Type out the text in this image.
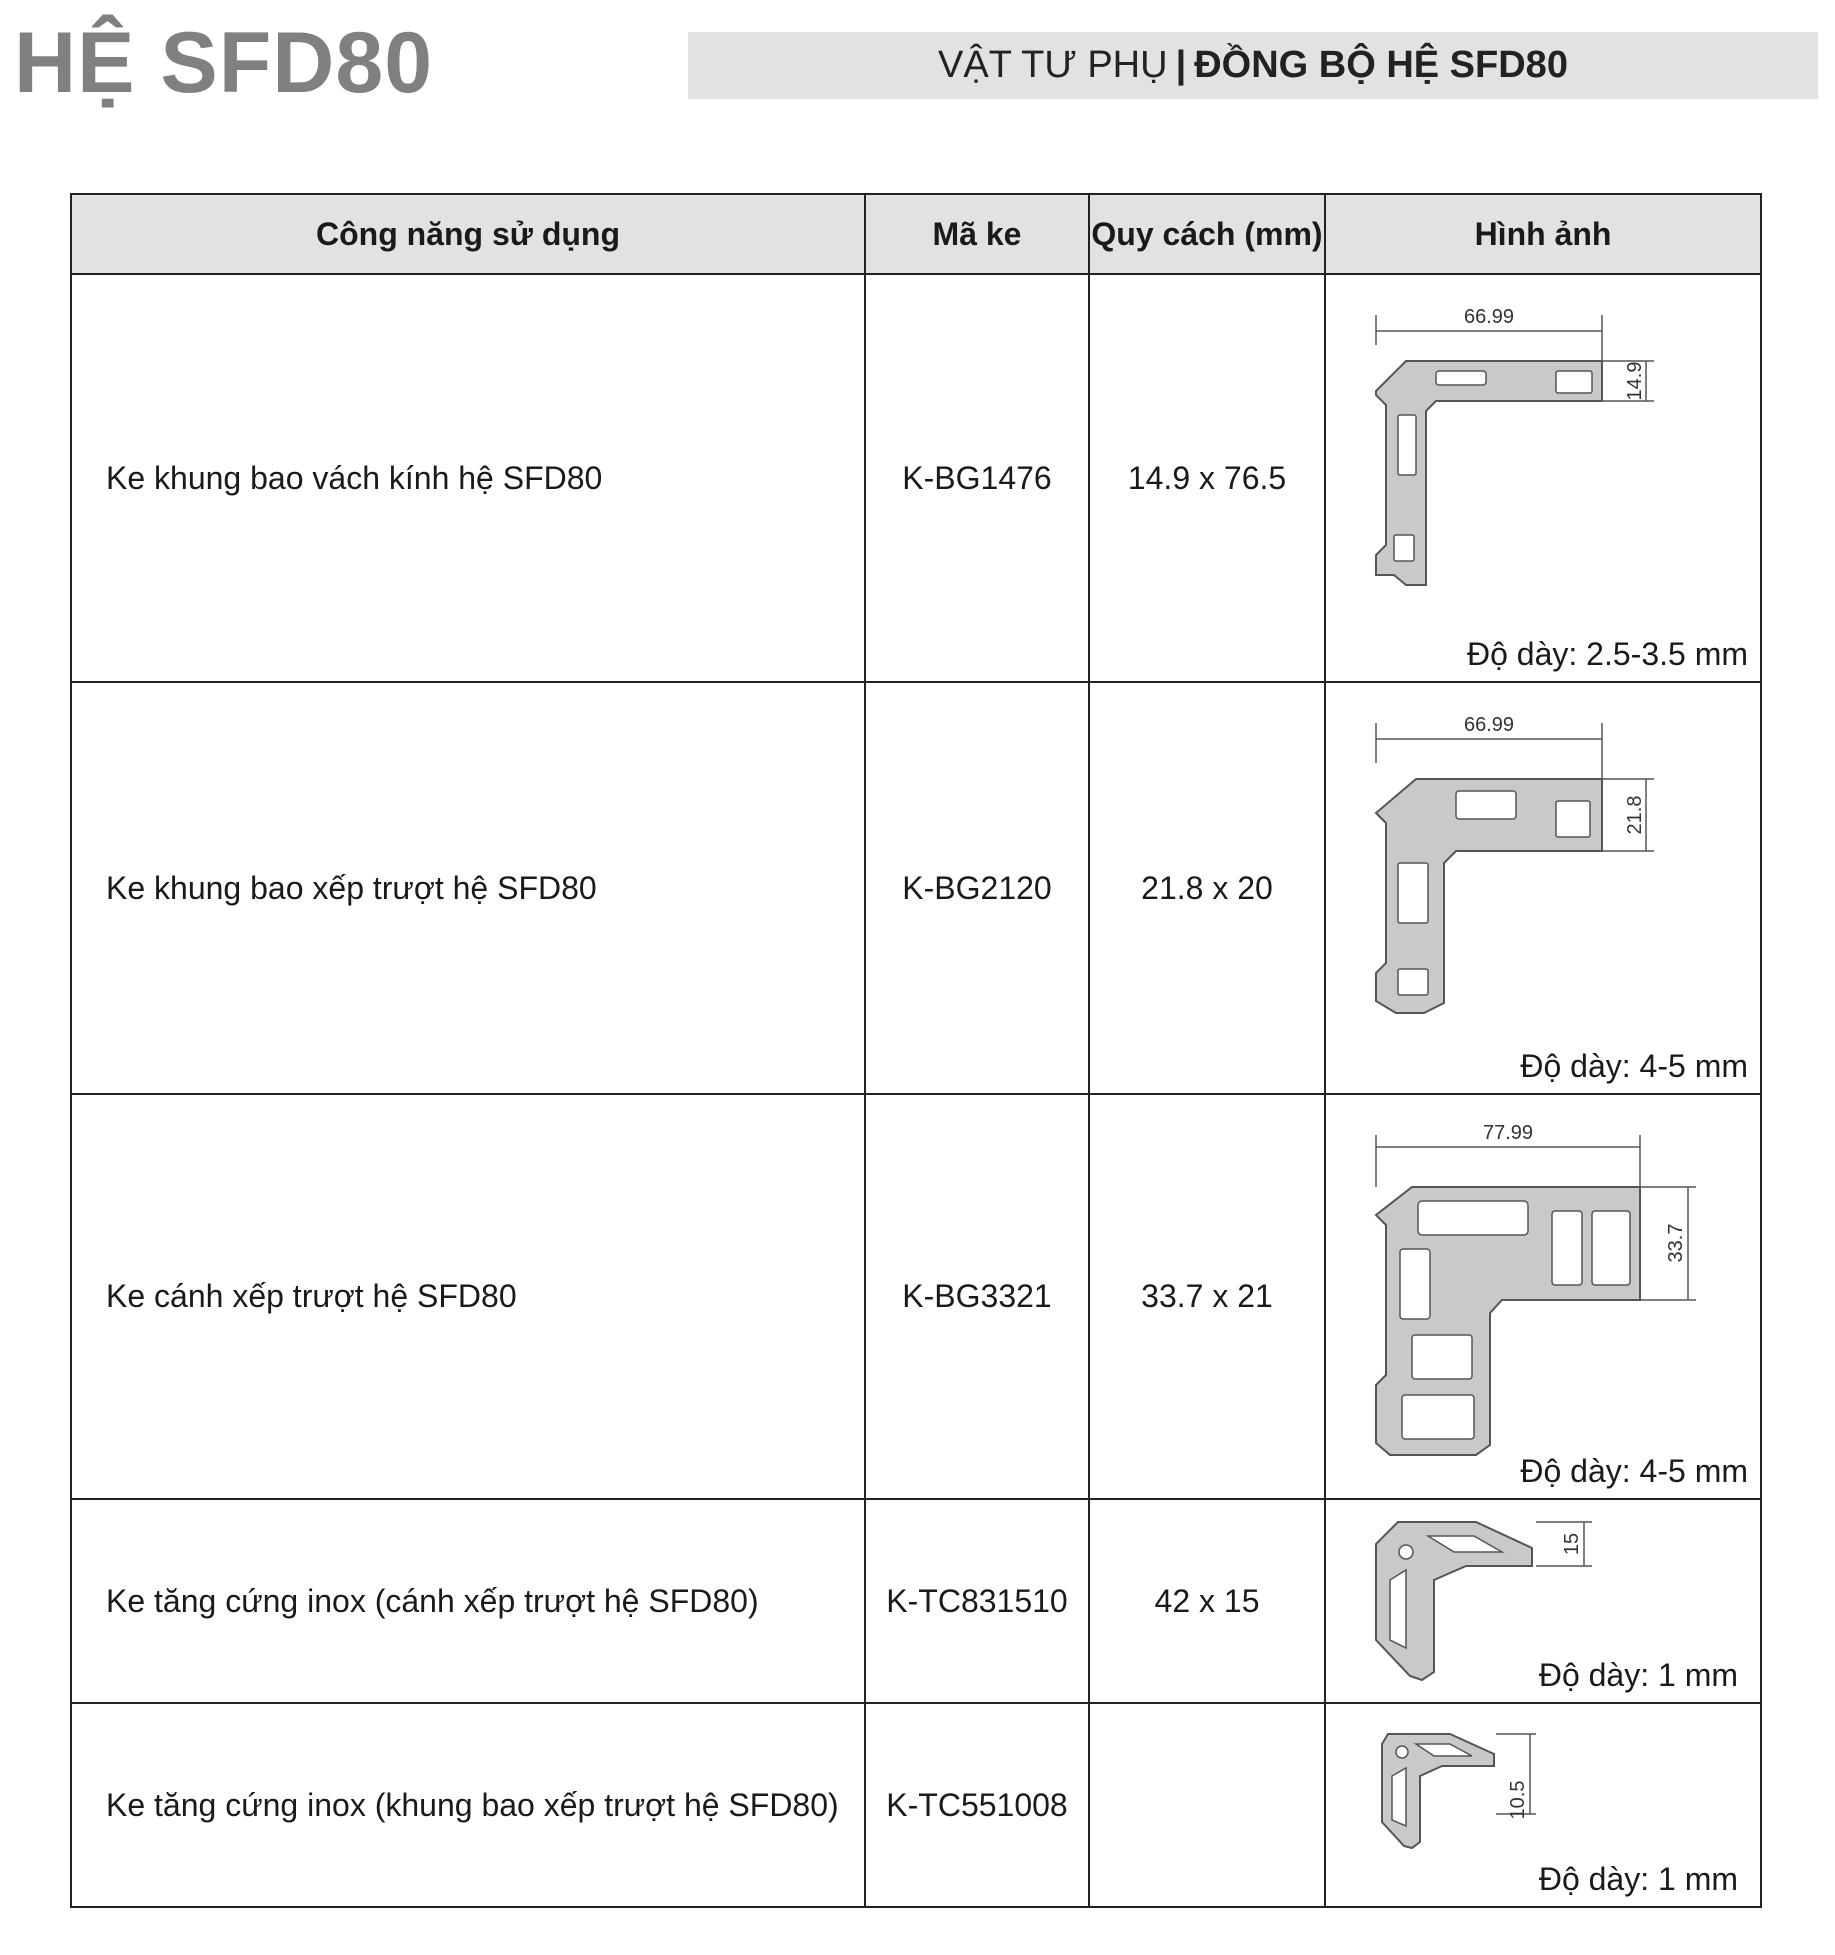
HỆ SFD80	VẬT TƯ PHỤ | ĐỒNG BỘ HỆ SFD80
Công năng sử dụng	Mã ke	Quy cách (mm)	Hình ảnh
Ke khung bao vách kính hệ SFD80	K-BG1476	14.9 x 76.5	66.99
14.9
Độ dày: 2.5-3.5 mm

Ke khung bao xếp trượt hệ SFD80	K-BG2120	21.8 x 20	66.99
21.8
Độ dày: 4-5 mm

Ke cánh xếp trượt hệ SFD80	K-BG3321	33.7 x 21	77.99
33.7
Độ dày: 4-5 mm

Ke tăng cứng inox (cánh xếp trượt hệ SFD80)	K-TC831510	42 x 15	15
Độ dày: 1 mm

Ke tăng cứng inox (khung bao xếp trượt hệ SFD80)	K-TC551008		10.5
Độ dày: 1 mm
